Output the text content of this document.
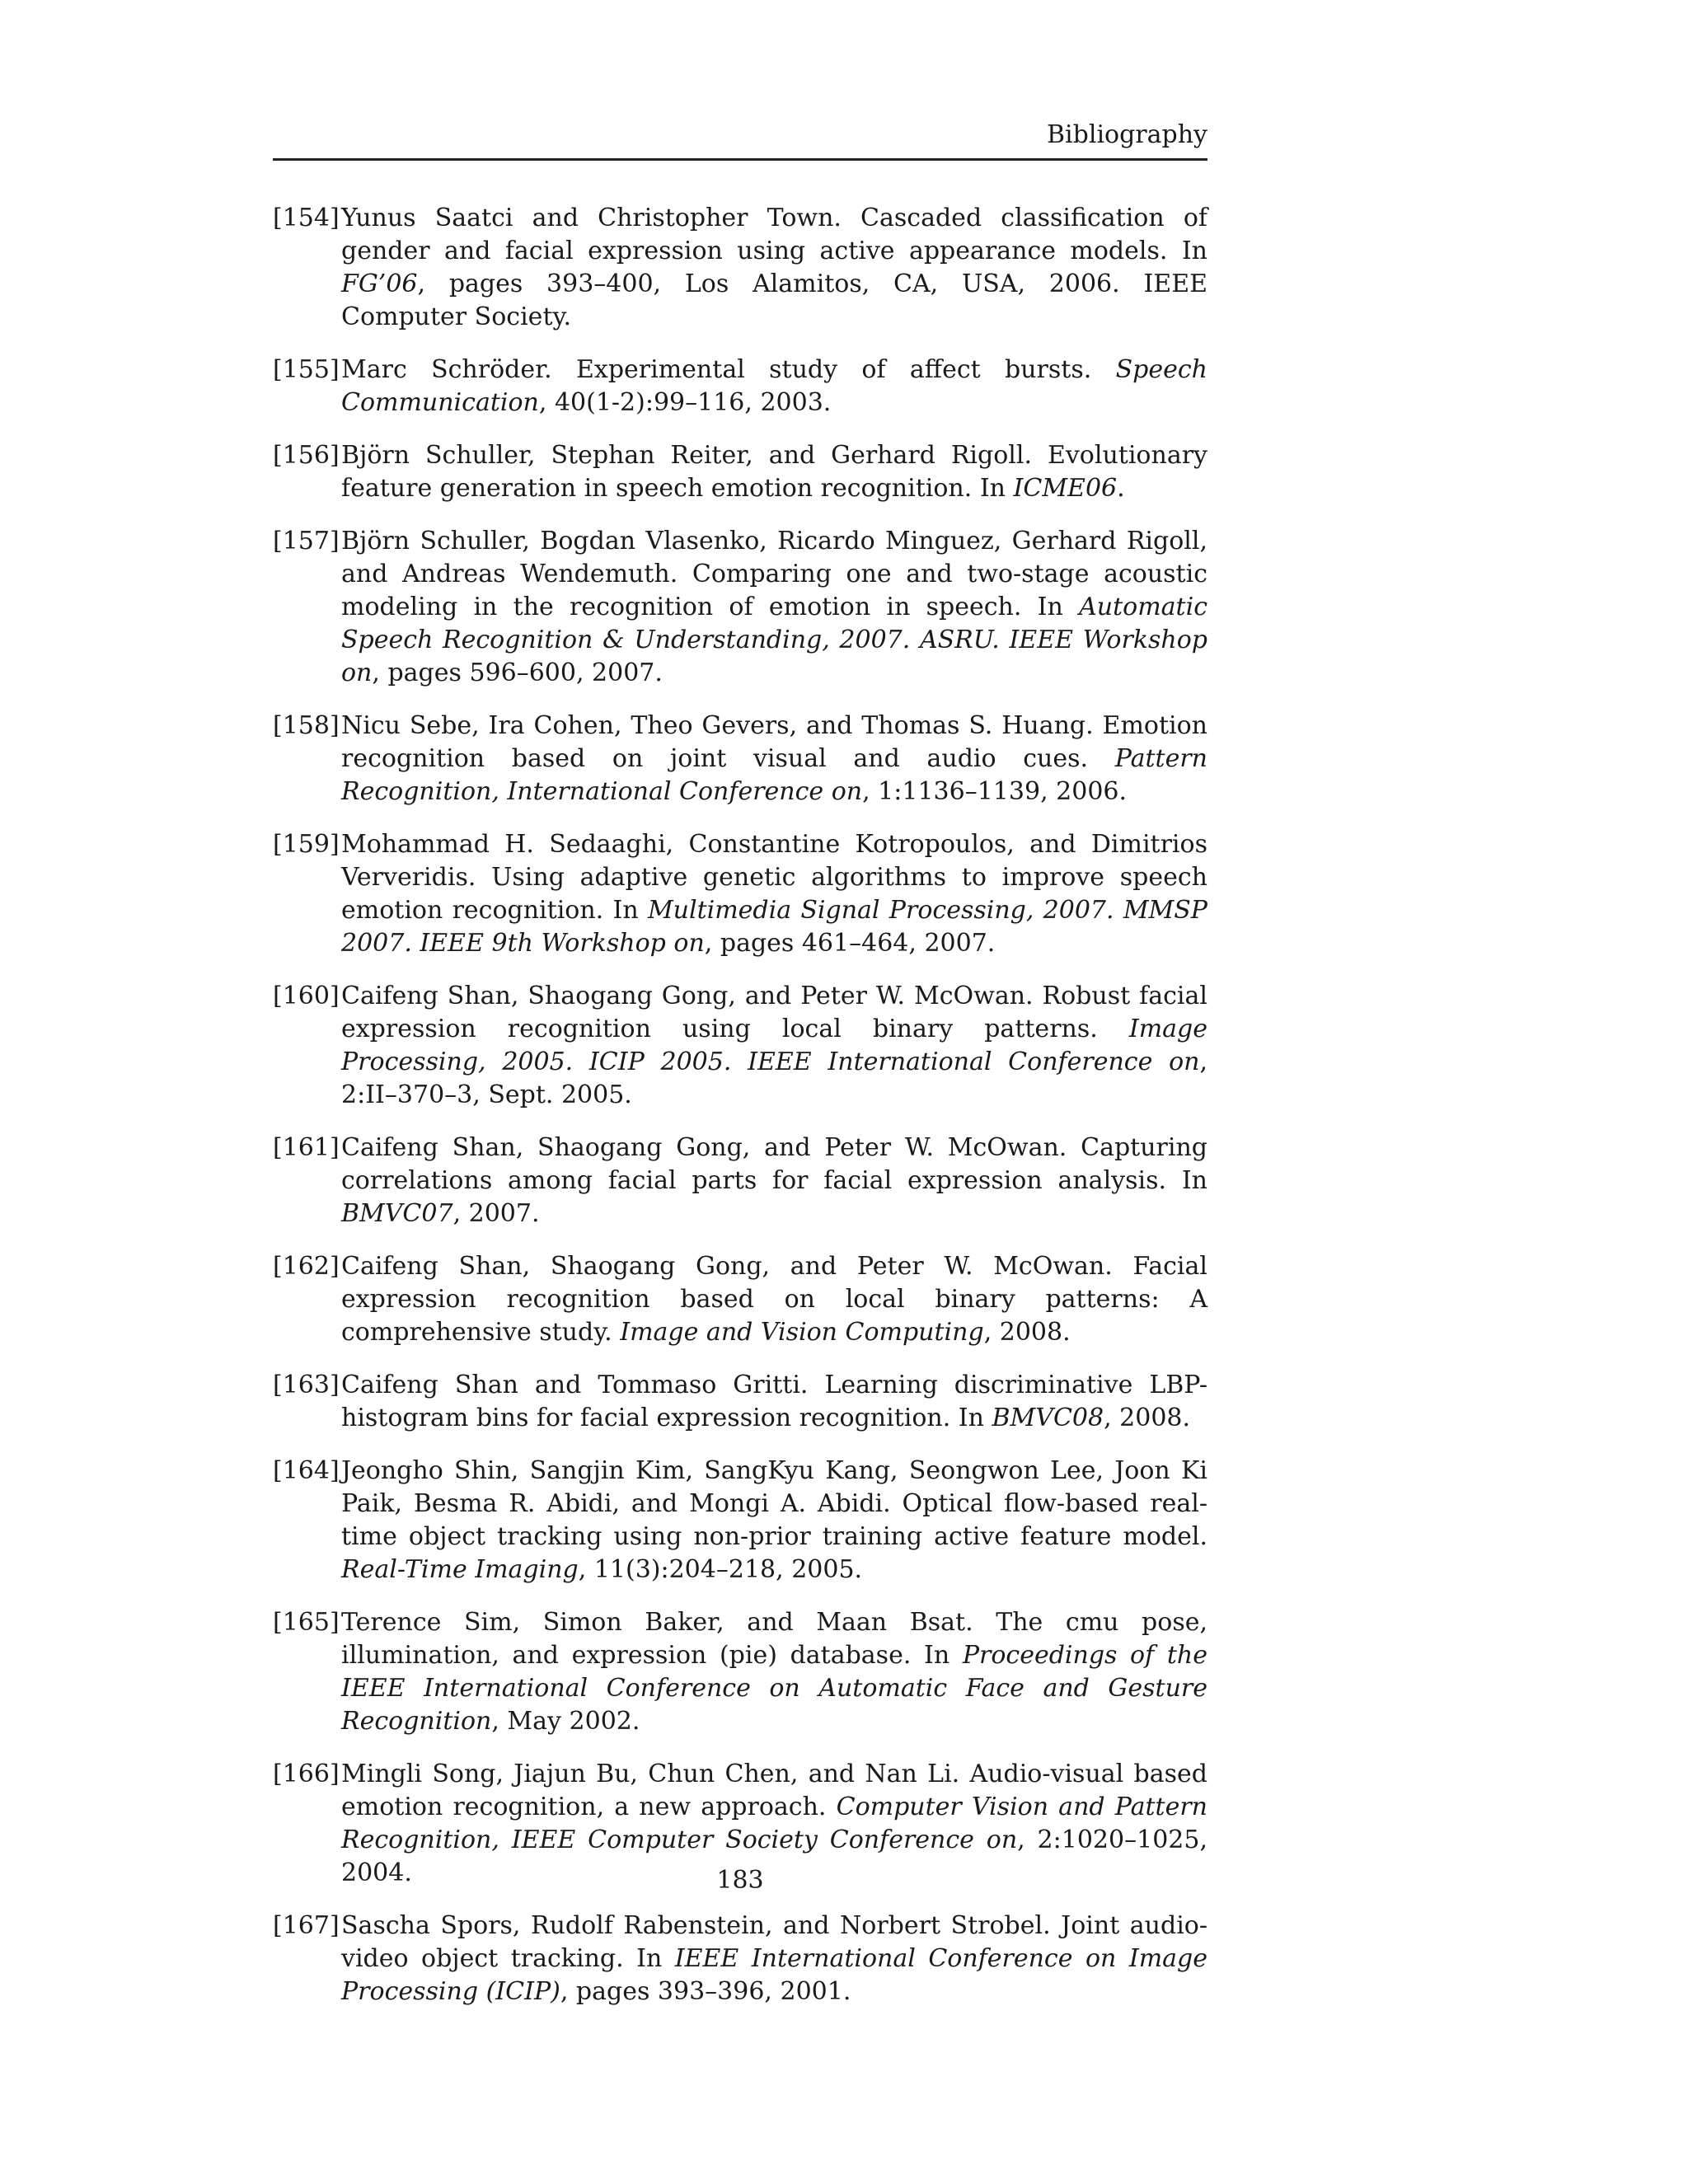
Bibliography
[154] Yunus Saatci and Christopher Town. Cascaded classification of gender and facial expression using active appearance models. In FG’06, pages 393–400, Los Alamitos, CA, USA, 2006. IEEE Computer Society.
[155] Marc Schröder. Experimental study of affect bursts. Speech Communication, 40(1-2):99–116, 2003.
[156] Björn Schuller, Stephan Reiter, and Gerhard Rigoll. Evolutionary feature generation in speech emotion recognition. In ICME06.
[157] Björn Schuller, Bogdan Vlasenko, Ricardo Minguez, Gerhard Rigoll, and Andreas Wendemuth. Comparing one and two-stage acoustic modeling in the recognition of emotion in speech. In Automatic Speech Recognition & Understanding, 2007. ASRU. IEEE Workshop on, pages 596–600, 2007.
[158] Nicu Sebe, Ira Cohen, Theo Gevers, and Thomas S. Huang. Emotion recognition based on joint visual and audio cues. Pattern Recognition, International Conference on, 1:1136–1139, 2006.
[159] Mohammad H. Sedaaghi, Constantine Kotropoulos, and Dimitrios Ververidis. Using adaptive genetic algorithms to improve speech emotion recognition. In Multimedia Signal Processing, 2007. MMSP 2007. IEEE 9th Workshop on, pages 461–464, 2007.
[160] Caifeng Shan, Shaogang Gong, and Peter W. McOwan. Robust facial expression recognition using local binary patterns. Image Processing, 2005. ICIP 2005. IEEE International Conference on, 2:II–370–3, Sept. 2005.
[161] Caifeng Shan, Shaogang Gong, and Peter W. McOwan. Capturing correlations among facial parts for facial expression analysis. In BMVC07, 2007.
[162] Caifeng Shan, Shaogang Gong, and Peter W. McOwan. Facial expression recognition based on local binary patterns: A comprehensive study. Image and Vision Computing, 2008.
[163] Caifeng Shan and Tommaso Gritti. Learning discriminative LBP-histogram bins for facial expression recognition. In BMVC08, 2008.
[164] Jeongho Shin, Sangjin Kim, SangKyu Kang, Seongwon Lee, Joon Ki Paik, Besma R. Abidi, and Mongi A. Abidi. Optical flow-based real-time object tracking using non-prior training active feature model. Real-Time Imaging, 11(3):204–218, 2005.
[165] Terence Sim, Simon Baker, and Maan Bsat. The cmu pose, illumination, and expression (pie) database. In Proceedings of the IEEE International Conference on Automatic Face and Gesture Recognition, May 2002.
[166] Mingli Song, Jiajun Bu, Chun Chen, and Nan Li. Audio-visual based emotion recognition, a new approach. Computer Vision and Pattern Recognition, IEEE Computer Society Conference on, 2:1020–1025, 2004.
[167] Sascha Spors, Rudolf Rabenstein, and Norbert Strobel. Joint audio-video object tracking. In IEEE International Conference on Image Processing (ICIP), pages 393–396, 2001.
183
